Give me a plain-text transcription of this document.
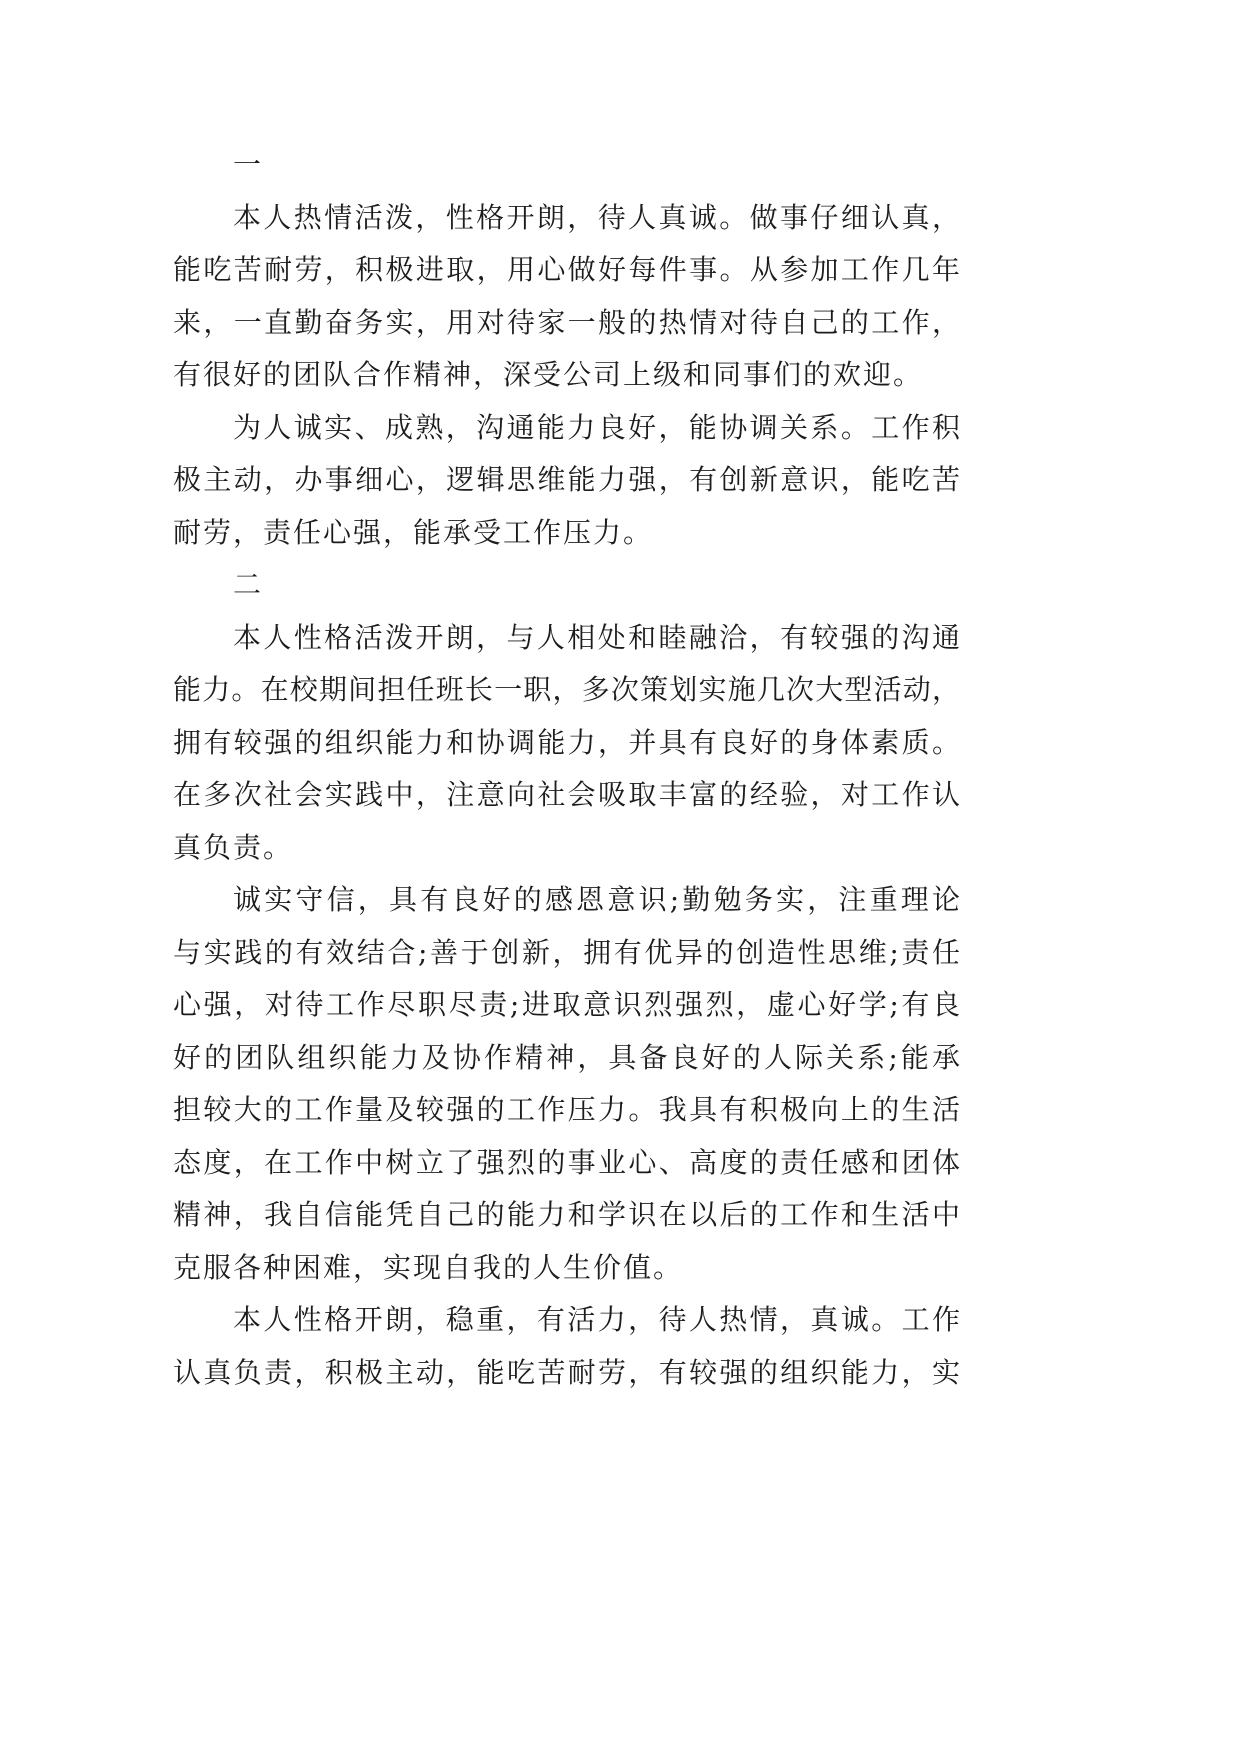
一
本人热情活泼，性格开朗，待人真诚。做事仔细认真，
能吃苦耐劳，积极进取，用心做好每件事。从参加工作几年
来，一直勤奋务实，用对待家一般的热情对待自己的工作，
有很好的团队合作精神，深受公司上级和同事们的欢迎。
为人诚实、成熟，沟通能力良好，能协调关系。工作积
极主动，办事细心，逻辑思维能力强，有创新意识，能吃苦
耐劳，责任心强，能承受工作压力。
二
本人性格活泼开朗，与人相处和睦融洽，有较强的沟通
能力。在校期间担任班长一职，多次策划实施几次大型活动，
拥有较强的组织能力和协调能力，并具有良好的身体素质。
在多次社会实践中，注意向社会吸取丰富的经验，对工作认
真负责。
诚实守信，具有良好的感恩意识;勤勉务实，注重理论
与实践的有效结合;善于创新，拥有优异的创造性思维;责任
心强，对待工作尽职尽责;进取意识烈强烈，虚心好学;有良
好的团队组织能力及协作精神，具备良好的人际关系;能承
担较大的工作量及较强的工作压力。我具有积极向上的生活
态度，在工作中树立了强烈的事业心、高度的责任感和团体
精神，我自信能凭自己的能力和学识在以后的工作和生活中
克服各种困难，实现自我的人生价值。
本人性格开朗，稳重，有活力，待人热情，真诚。工作
认真负责，积极主动，能吃苦耐劳，有较强的组织能力，实
